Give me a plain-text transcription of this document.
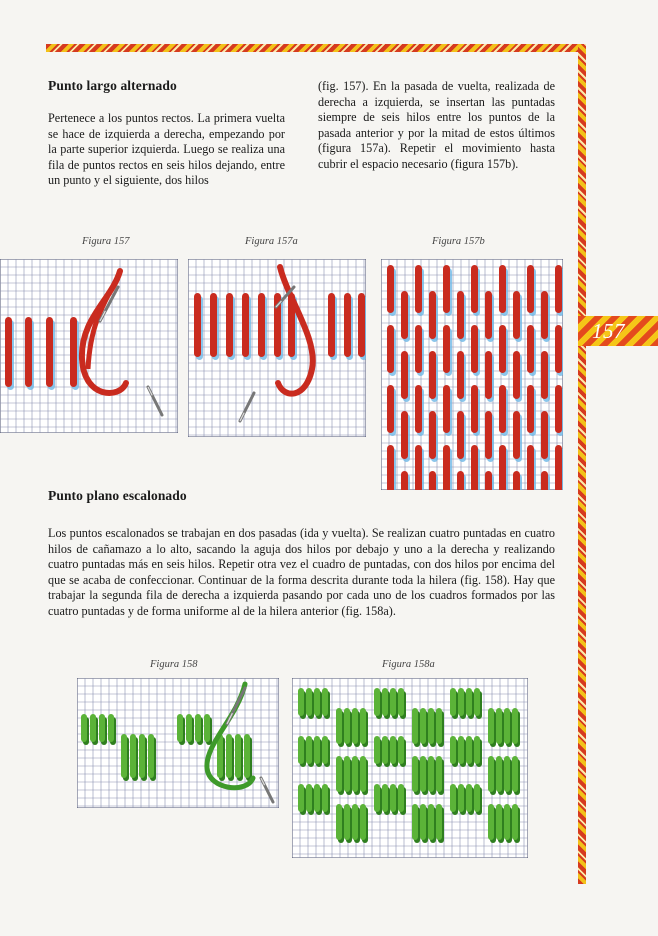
157
Punto largo alternado

Pertenece a los puntos rectos. La primera vuelta se hace de izquierda a derecha, empezando por la parte superior izquierda. Luego se realiza una fila de puntos rectos en seis hilos dejando, entre un punto y el siguiente, dos hilos

(fig. 157). En la pasada de vuelta, realizada de derecha a izquierda, se insertan las puntadas siempre de seis hilos entre los puntos de la pasada anterior y por la mitad de estos últimos (figura 157a). Repetir el movimiento hasta cubrir el espacio necesario (figura 157b).

Figura 157	Figura 157a	Figura 157b
Punto plano escalonado

Los puntos escalonados se trabajan en dos pasadas (ida y vuelta). Se realizan cuatro puntadas en cuatro hilos de cañamazo a lo alto, sacando la aguja dos hilos por debajo y uno a la derecha y realizando cuatro puntadas más en seis hilos. Repetir otra vez el cuadro de puntadas, con dos hilos por encima del que se acaba de confeccionar. Continuar de la forma descrita durante toda la hilera (fig. 158). Hay que trabajar la segunda fila de derecha a izquierda pasando por cada uno de los cuadros formados por las cuatro puntadas y de forma uniforme al de la hilera anterior (fig. 158a).

Figura 158	Figura 158a
